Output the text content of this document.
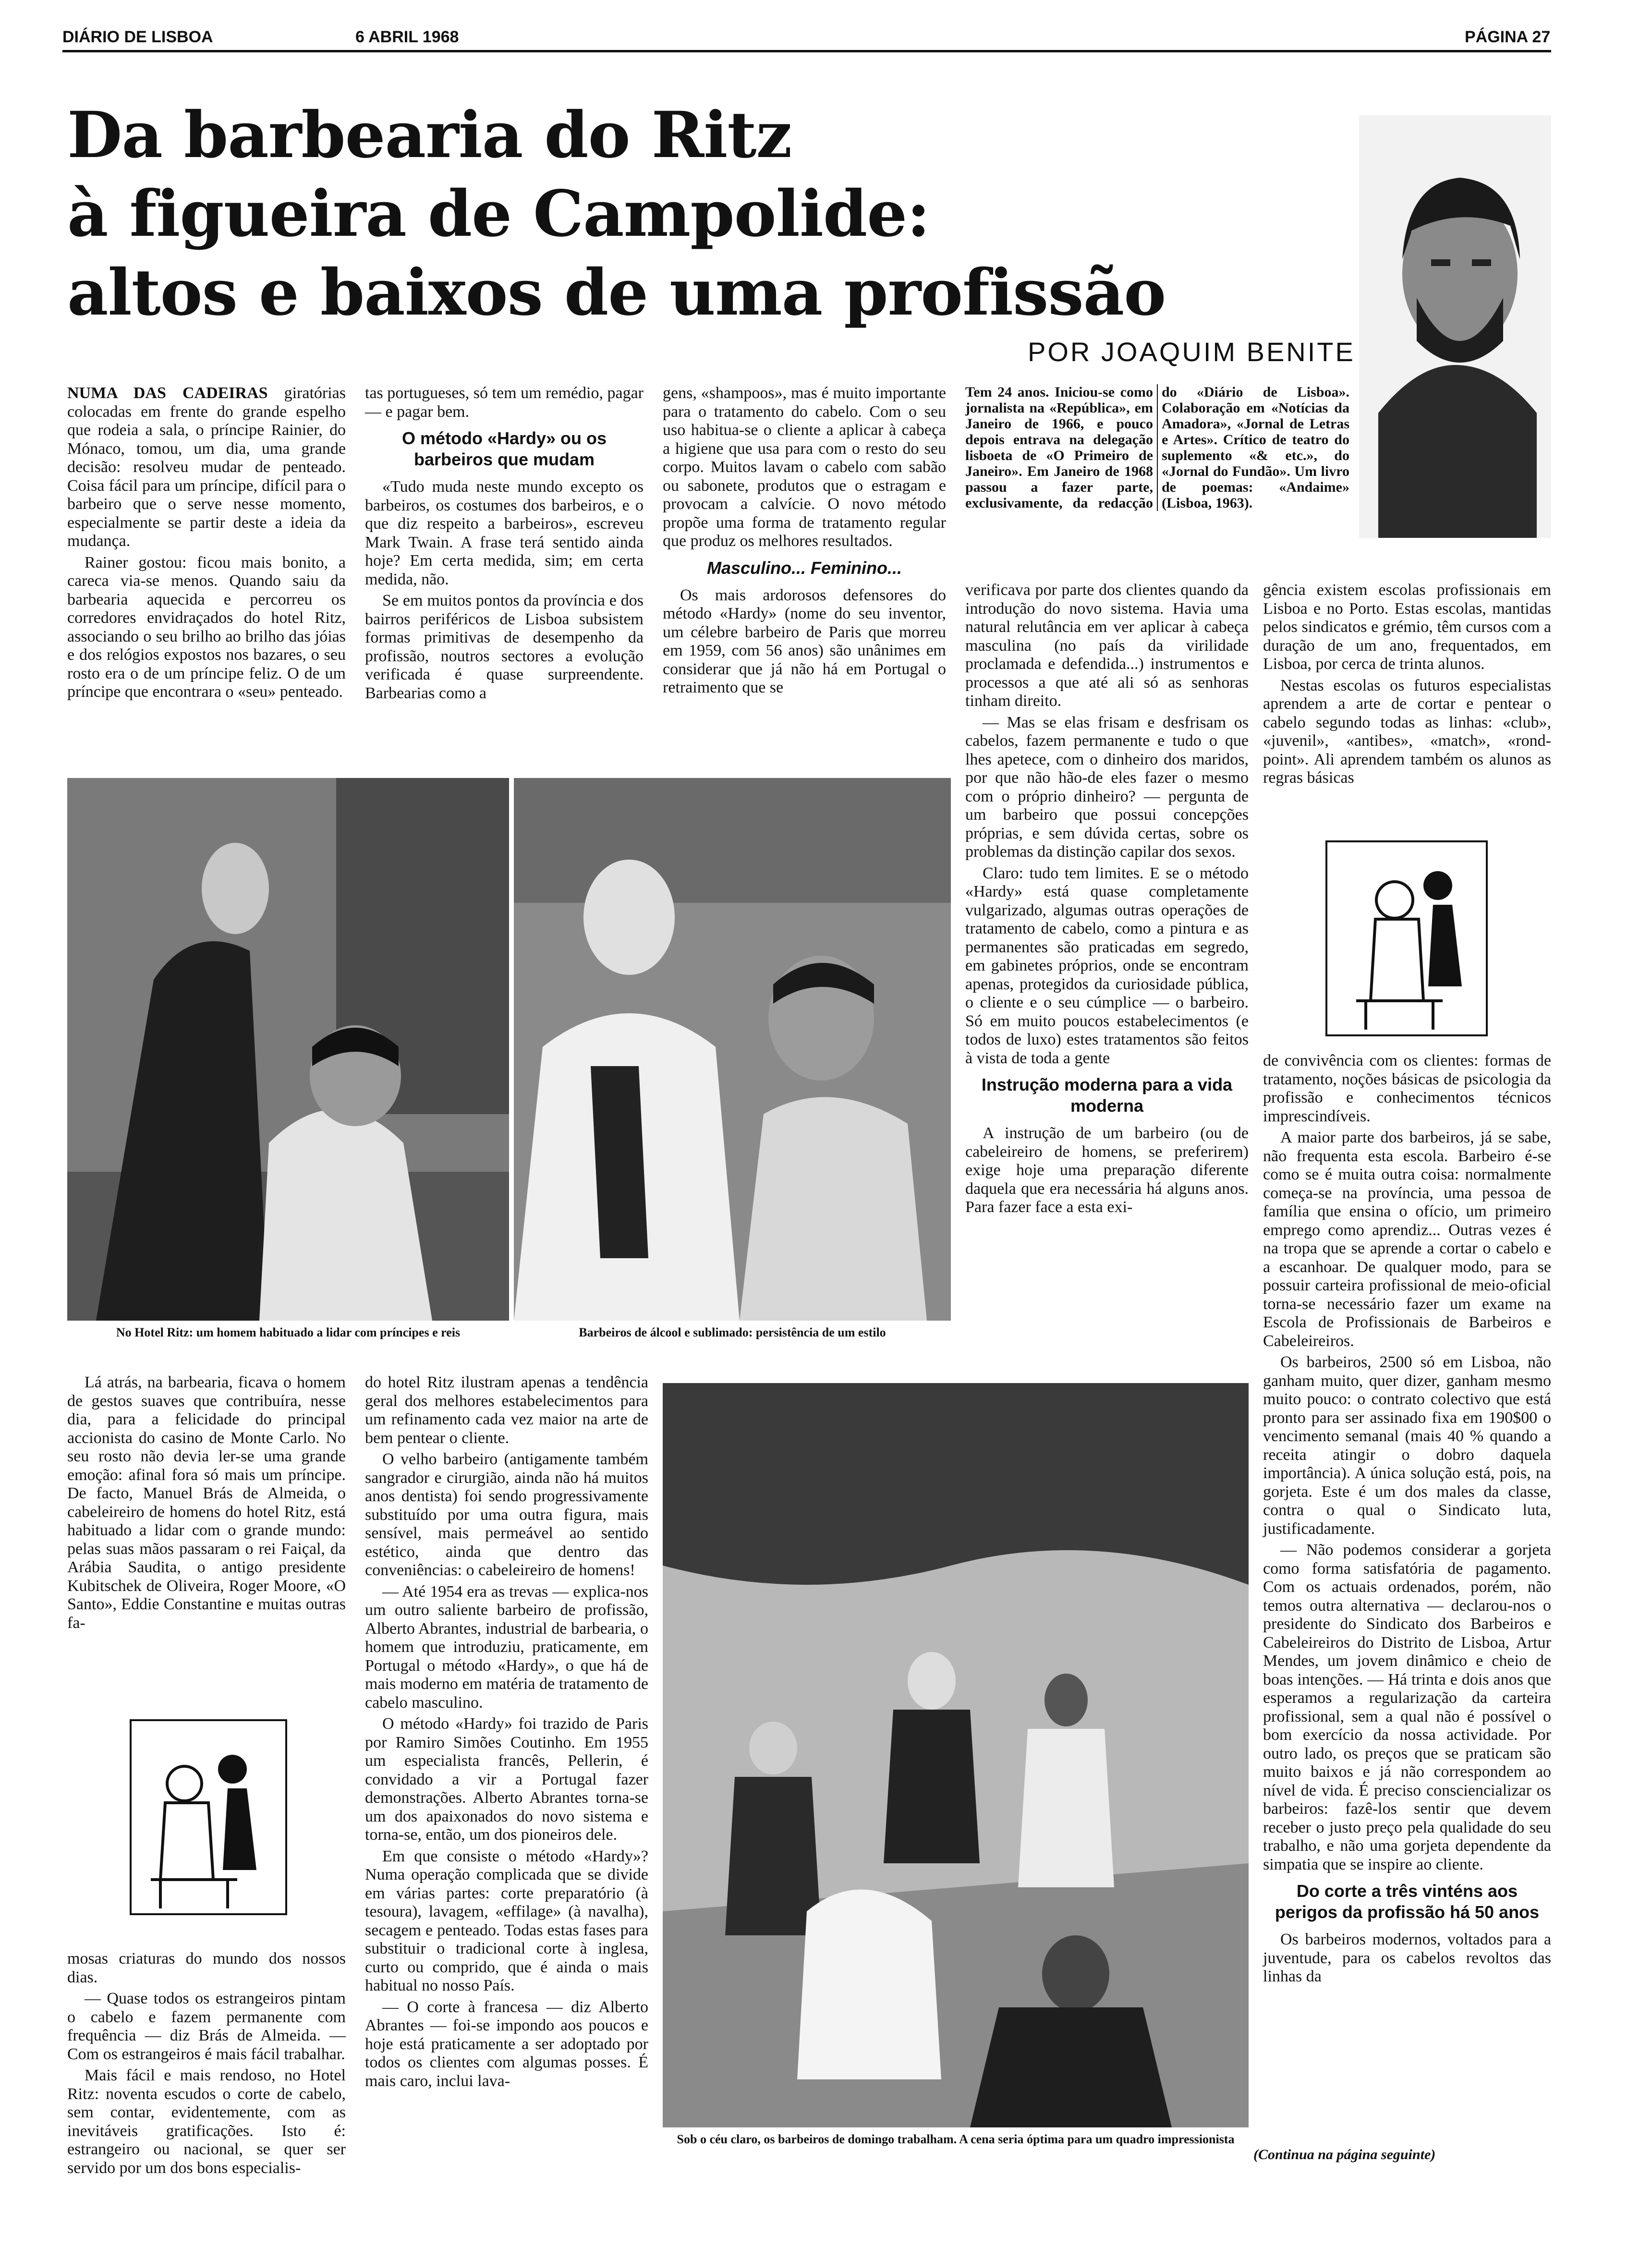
DIÁRIO DE LISBOA	6 ABRIL 1968	PÁGINA 27
Da barbearia do Ritz
à figueira de Campolide:
altos e baixos de uma profissão
POR JOAQUIM BENITE
Tem 24 anos. Iniciou-se como jornalista na «República», em Janeiro de 1966, e pouco depois entrava na delegação lisboeta de «O Primeiro de Janeiro». Em Janeiro de 1968 passou a fazer parte, exclusivamente, da redacção do «Diário de Lisboa». Colaboração em «Notícias da Amadora», «Jornal de Letras e Artes». Crítico de teatro do suplemento «& etc.», do «Jornal do Fundão». Um livro de poemas: «Andaime» (Lisboa, 1963).

NUMA DAS CADEIRAS giratórias colocadas em frente do grande espelho que rodeia a sala, o príncipe Rainier, do Mónaco, tomou, um dia, uma grande decisão: resolveu mudar de penteado. Coisa fácil para um príncipe, difícil para o barbeiro que o serve nesse momento, especialmente se partir deste a ideia da mudança.

Rainer gostou: ficou mais bonito, a careca via-se menos. Quando saiu da barbearia aquecida e percorreu os corredores envidraçados do hotel Ritz, associando o seu brilho ao brilho das jóias e dos relógios expostos nos bazares, o seu rosto era o de um príncipe feliz. O de um príncipe que encontrara o «seu» penteado.

tas portugueses, só tem um remédio, pagar — e pagar bem.

O método «Hardy» ou os barbeiros que mudam

«Tudo muda neste mundo excepto os barbeiros, os costumes dos barbeiros, e o que diz respeito a barbeiros», escreveu Mark Twain. A frase terá sentido ainda hoje? Em certa medida, sim; em certa medida, não.

Se em muitos pontos da província e dos bairros periféricos de Lisboa subsistem formas primitivas de desempenho da profissão, noutros sectores a evolução verificada é quase surpreendente. Barbearias como a

gens, «shampoos», mas é muito importante para o tratamento do cabelo. Com o seu uso habitua-se o cliente a aplicar à cabeça a higiene que usa para com o resto do seu corpo. Muitos lavam o cabelo com sabão ou sabonete, produtos que o estragam e provocam a calvície. O novo método propõe uma forma de tratamento regular que produz os melhores resultados.

Masculino... Feminino...

Os mais ardorosos defensores do método «Hardy» (nome do seu inventor, um célebre barbeiro de Paris que morreu em 1959, com 56 anos) são unânimes em considerar que já não há em Portugal o retraimento que se

verificava por parte dos clientes quando da introdução do novo sistema. Havia uma natural relutância em ver aplicar à cabeça masculina (no país da virilidade proclamada e defendida...) instrumentos e processos a que até ali só as senhoras tinham direito.

— Mas se elas frisam e desfrisam os cabelos, fazem permanente e tudo o que lhes apetece, com o dinheiro dos maridos, por que não hão-de eles fazer o mesmo com o próprio dinheiro? — pergunta de um barbeiro que possui concepções próprias, e sem dúvida certas, sobre os problemas da distinção capilar dos sexos.

Claro: tudo tem limites. E se o método «Hardy» está quase completamente vulgarizado, algumas outras operações de tratamento de cabelo, como a pintura e as permanentes são praticadas em segredo, em gabinetes próprios, onde se encontram apenas, protegidos da curiosidade pública, o cliente e o seu cúmplice — o barbeiro. Só em muito poucos estabelecimentos (e todos de luxo) estes tratamentos são feitos à vista de toda a gente

Instrução moderna para a vida moderna

A instrução de um barbeiro (ou de cabeleireiro de homens, se preferirem) exige hoje uma preparação diferente daquela que era necessária há alguns anos. Para fazer face a esta exi-

gência existem escolas profissionais em Lisboa e no Porto. Estas escolas, mantidas pelos sindicatos e grémio, têm cursos com a duração de um ano, frequentados, em Lisboa, por cerca de trinta alunos.

Nestas escolas os futuros especialistas aprendem a arte de cortar e pentear o cabelo segundo todas as linhas: «club», «juvenil», «antibes», «match», «rond-point». Ali aprendem também os alunos as regras básicas

de convivência com os clientes: formas de tratamento, noções básicas de psicologia da profissão e conhecimentos técnicos imprescindíveis.

A maior parte dos barbeiros, já se sabe, não frequenta esta escola. Barbeiro é-se como se é muita outra coisa: normalmente começa-se na província, uma pessoa de família que ensina o ofício, um primeiro emprego como aprendiz... Outras vezes é na tropa que se aprende a cortar o cabelo e a escanhoar. De qualquer modo, para se possuir carteira profissional de meio-oficial torna-se necessário fazer um exame na Escola de Profissionais de Barbeiros e Cabeleireiros.

Os barbeiros, 2500 só em Lisboa, não ganham muito, quer dizer, ganham mesmo muito pouco: o contrato colectivo que está pronto para ser assinado fixa em 190$00 o vencimento semanal (mais 40 % quando a receita atingir o dobro daquela importância). A única solução está, pois, na gorjeta. Este é um dos males da classe, contra o qual o Sindicato luta, justificadamente.

— Não podemos considerar a gorjeta como forma satisfatória de pagamento. Com os actuais ordenados, porém, não temos outra alternativa — declarou-nos o presidente do Sindicato dos Barbeiros e Cabeleireiros do Distrito de Lisboa, Artur Mendes, um jovem dinâmico e cheio de boas intenções. — Há trinta e dois anos que esperamos a regularização da carteira profissional, sem a qual não é possível o bom exercício da nossa actividade. Por outro lado, os preços que se praticam são muito baixos e já não correspondem ao nível de vida. É preciso consciencializar os barbeiros: fazê-los sentir que devem receber o justo preço pela qualidade do seu trabalho, e não uma gorjeta dependente da simpatia que se inspire ao cliente.

Do corte a três vinténs aos perigos da profissão há 50 anos

Os barbeiros modernos, voltados para a juventude, para os cabelos revoltos das linhas da

No Hotel Ritz: um homem habituado a lidar com príncipes e reis	Barbeiros de álcool e sublimado: persistência de um estilo

Lá atrás, na barbearia, ficava o homem de gestos suaves que contribuíra, nesse dia, para a felicidade do principal accionista do casino de Monte Carlo. No seu rosto não devia ler-se uma grande emoção: afinal fora só mais um príncipe. De facto, Manuel Brás de Almeida, o cabeleireiro de homens do hotel Ritz, está habituado a lidar com o grande mundo: pelas suas mãos passaram o rei Faiçal, da Arábia Saudita, o antigo presidente Kubitschek de Oliveira, Roger Moore, «O Santo», Eddie Constantine e muitas outras fa-

mosas criaturas do mundo dos nossos dias.

— Quase todos os estrangeiros pintam o cabelo e fazem permanente com frequência — diz Brás de Almeida. — Com os estrangeiros é mais fácil trabalhar.

Mais fácil e mais rendoso, no Hotel Ritz: noventa escudos o corte de cabelo, sem contar, evidentemente, com as inevitáveis gratificações. Isto é: estrangeiro ou nacional, se quer ser servido por um dos bons especialis-

do hotel Ritz ilustram apenas a tendência geral dos melhores estabelecimentos para um refinamento cada vez maior na arte de bem pentear o cliente.

O velho barbeiro (antigamente também sangrador e cirurgião, ainda não há muitos anos dentista) foi sendo progressivamente substituído por uma outra figura, mais sensível, mais permeável ao sentido estético, ainda que dentro das conveniências: o cabeleireiro de homens!

— Até 1954 era as trevas — explica-nos um outro saliente barbeiro de profissão, Alberto Abrantes, industrial de barbearia, o homem que introduziu, praticamente, em Portugal o método «Hardy», o que há de mais moderno em matéria de tratamento de cabelo masculino.

O método «Hardy» foi trazido de Paris por Ramiro Simões Coutinho. Em 1955 um especialista francês, Pellerin, é convidado a vir a Portugal fazer demonstrações. Alberto Abrantes torna-se um dos apaixonados do novo sistema e torna-se, então, um dos pioneiros dele.

Em que consiste o método «Hardy»? Numa operação complicada que se divide em várias partes: corte preparatório (à tesoura), lavagem, «effilage» (à navalha), secagem e penteado. Todas estas fases para substituir o tradicional corte à inglesa, curto ou comprido, que é ainda o mais habitual no nosso País.

— O corte à francesa — diz Alberto Abrantes — foi-se impondo aos poucos e hoje está praticamente a ser adoptado por todos os clientes com algumas posses. É mais caro, inclui lava-

Sob o céu claro, os barbeiros de domingo trabalham. A cena seria óptima para um quadro impressionista
(Continua na página seguinte)
